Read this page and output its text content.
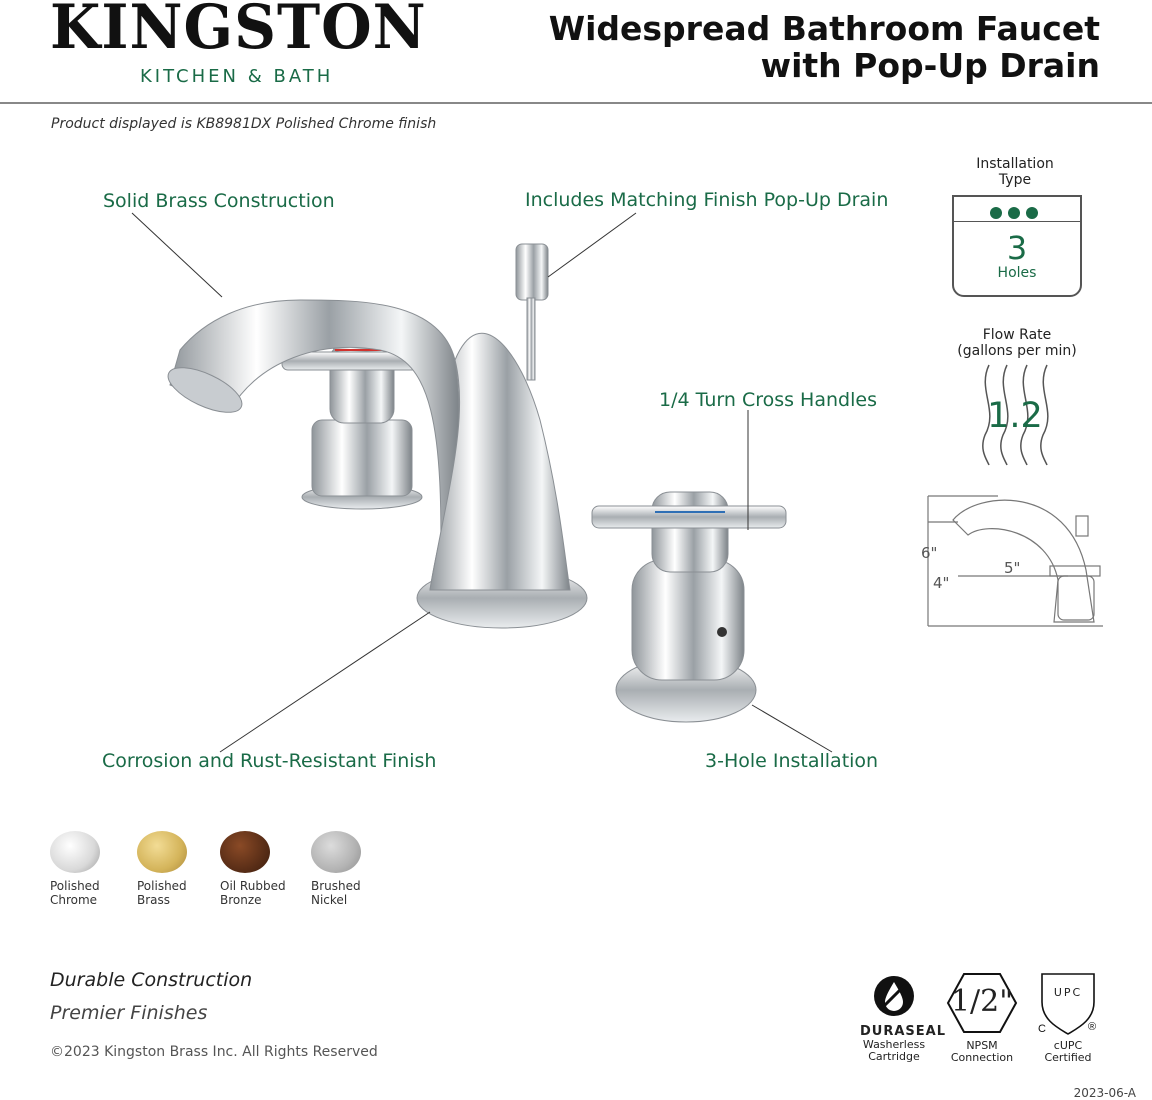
KINGSTON
KITCHEN & BATH
Widespread Bathroom Faucet
with Pop-Up Drain
Product displayed is KB8981DX Polished Chrome finish
Solid Brass Construction	Includes Matching Finish Pop-Up Drain
1/4 Turn Cross Handles
Corrosion and Rust-Resistant Finish	3-Hole Installation
Installation
Type
3
Holes
Flow Rate
(gallons per min)
1.2
6"
4"
5"
Polished
Chrome
Polished
Brass
Oil Rubbed
Bronze
Brushed
Nickel
Durable Construction
Premier Finishes
©2023 Kingston Brass Inc. All Rights Reserved
DURASEAL
Washerless
Cartridge
1/2"
NPSM
Connection
C	®
UPC
cUPC
Certified
2023-06-A
